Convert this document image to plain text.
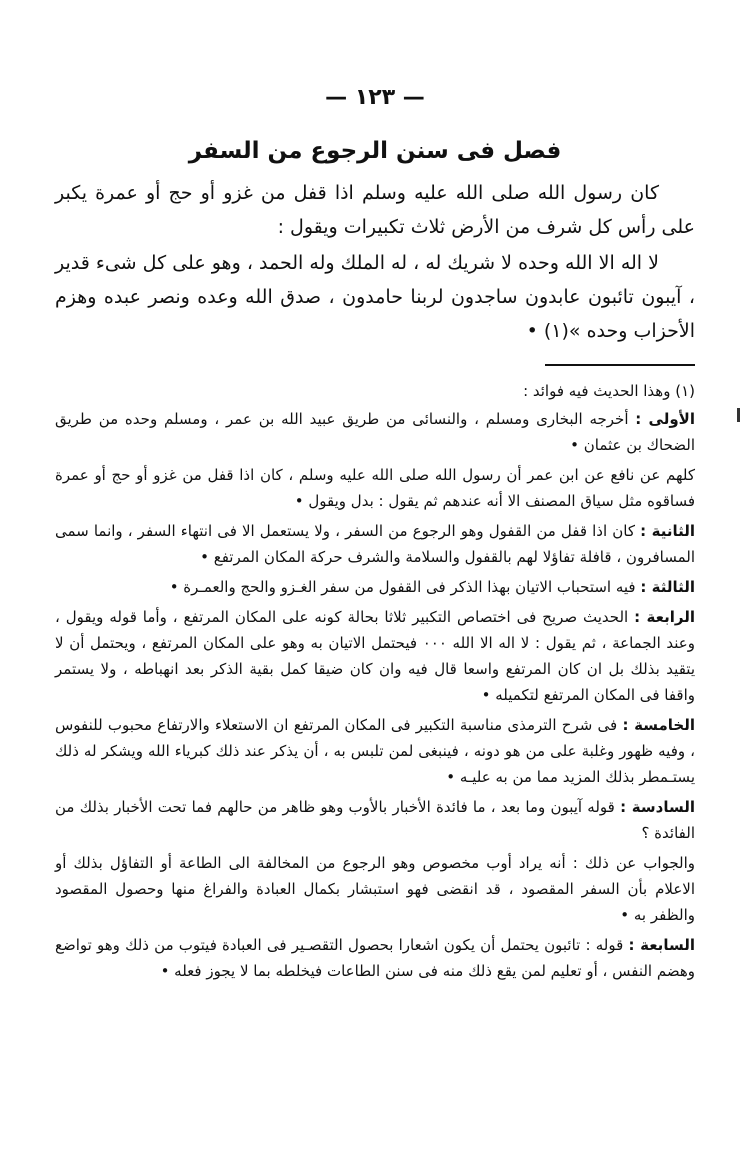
— ١٢٣ —
فصل فى سنن الرجوع من السفر

كان رسول الله صلى الله عليه وسلم اذا قفل من غزو أو حج أو عمرة يكبر على رأس كل شرف من الأرض ثلاث تكبيرات ويقول :

لا اله الا الله وحده لا شريك له ، له الملك وله الحمد ، وهو على كل شىء قدير ، آيبون تائبون عابدون ساجدون لربنا حامدون ، صدق الله وعده ونصر عبده وهزم الأحزاب وحده »(١) •

(١) وهذا الحديث فيه فوائد :

الأولى : أخرجه البخارى ومسلم ، والنسائى من طريق عبيد الله بن عمر ، ومسلم وحده من طريق الضحاك بن عثمان •

كلهم عن نافع عن ابن عمر أن رسول الله صلى الله عليه وسلم ، كان اذا قفل من غزو أو حج أو عمرة فساقوه مثل سياق المصنف الا أنه عندهم ثم يقول : بدل ويقول •

الثانية : كان اذا قفل من القفول وهو الرجوع من السفر ، ولا يستعمل الا فى انتهاء السفر ، وانما سمى المسافرون ، قافلة تفاؤلا لهم بالقفول والسلامة والشرف حركة المكان المرتفع •

الثالثة : فيه استحباب الاتيان بهذا الذكر فى القفول من سفر الغـزو والحج والعمـرة •

الرابعة : الحديث صريح فى اختصاص التكبير ثلاثا بحالة كونه على المكان المرتفع ، وأما قوله ويقول ، وعند الجماعة ، ثم يقول : لا اله الا الله ٠٠٠ فيحتمل الاتيان به وهو على المكان المرتفع ، ويحتمل أن لا يتقيد بذلك بل ان كان المرتفع واسعا قال فيه وان كان ضيقا كمل بقية الذكر بعد انهباطه ، ولا يستمر واقفا فى المكان المرتفع لتكميله •

الخامسة : فى شرح الترمذى مناسبة التكبير فى المكان المرتفع ان الاستعلاء والارتفاع محبوب للنفوس ، وفيه ظهور وغلبة على من هو دونه ، فينبغى لمن تلبس به ، أن يذكر عند ذلك كبرياء الله ويشكر له ذلك يستـمطر بذلك المزيد مما من به عليـه •

السادسة : قوله آيبون وما بعد ، ما فائدة الأخبار بالأوب وهو ظاهر من حالهم فما تحت الأخبار بذلك من الفائدة ؟

والجواب عن ذلك : أنه يراد أوب مخصوص وهو الرجوع من المخالفة الى الطاعة أو التفاؤل بذلك أو الاعلام بأن السفر المقصود ، قد انقضى فهو استبشار بكمال العبادة والفراغ منها وحصول المقصود والظفر به •

السابعة : قوله : تائبون يحتمل أن يكون اشعارا بحصول التقصـير فى العبادة فيتوب من ذلك وهو تواضع وهضم النفس ، أو تعليم لمن يقع ذلك منه فى سنن الطاعات فيخلطه بما لا يجوز فعله •
